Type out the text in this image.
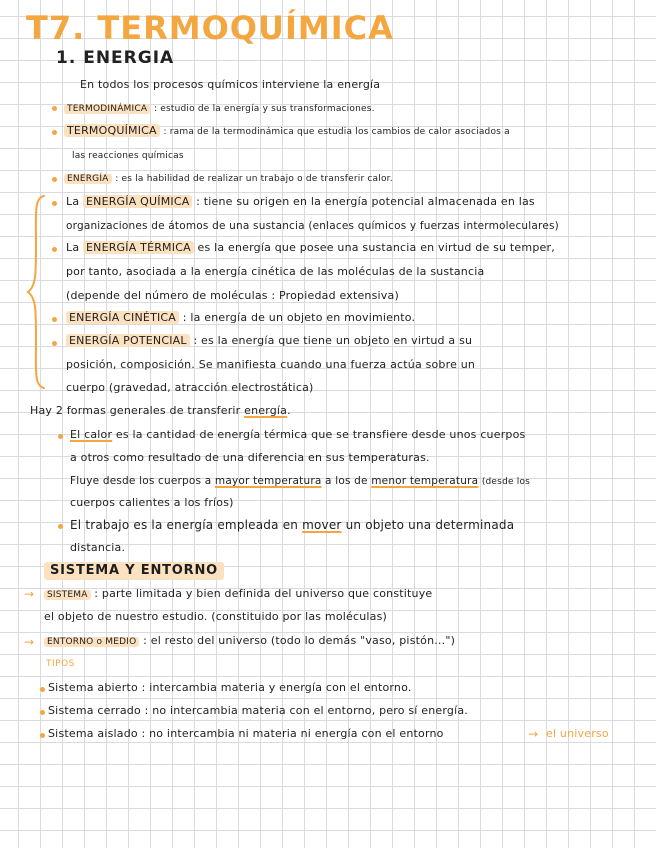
T7. TERMOQUÍMICA
1. ENERGIA
En todos los procesos químicos interviene la energía
TERMODINÁMICA : estudio de la energía y sus transformaciones.
TERMOQUÍMICA : rama de la termodinámica que estudia los cambios de calor asociados a
las reacciones químicas
ENERGÍA : es la habilidad de realizar un trabajo o de transferir calor.
La ENERGÍA QUÍMICA : tiene su origen en la energía potencial almacenada en las
organizaciones de átomos de una sustancia (enlaces químicos y fuerzas intermoleculares)
La ENERGÍA TÉRMICA es la energía que posee una sustancia en virtud de su temper,
por tanto, asociada a la energía cinética de las moléculas de la sustancia
(depende del número de moléculas : Propiedad extensiva)
ENERGÍA CINÉTICA : la energía de un objeto en movimiento.
ENERGÍA POTENCIAL : es la energía que tiene un objeto en virtud a su
posición, composición. Se manifiesta cuando una fuerza actúa sobre un
cuerpo (gravedad, atracción electrostática)
Hay 2 formas generales de transferir energía.
El calor es la cantidad de energía térmica que se transfiere desde unos cuerpos
a otros como resultado de una diferencia en sus temperaturas.
Fluye desde los cuerpos a mayor temperatura a los de menor temperatura (desde los
cuerpos calientes a los fríos)
El trabajo es la energía empleada en mover un objeto una determinada
distancia.
SISTEMA Y ENTORNO
→	SISTEMA : parte limitada y bien definida del universo que constituye
el objeto de nuestro estudio. (constituido por las moléculas)
→	ENTORNO o MEDIO : el resto del universo (todo lo demás "vaso, pistón...")
TIPOS
Sistema abierto : intercambia materia y energía con el entorno.
Sistema cerrado : no intercambia materia con el entorno, pero sí energía.
Sistema aislado : no intercambia ni materia ni energía con el entorno	→ el universo
